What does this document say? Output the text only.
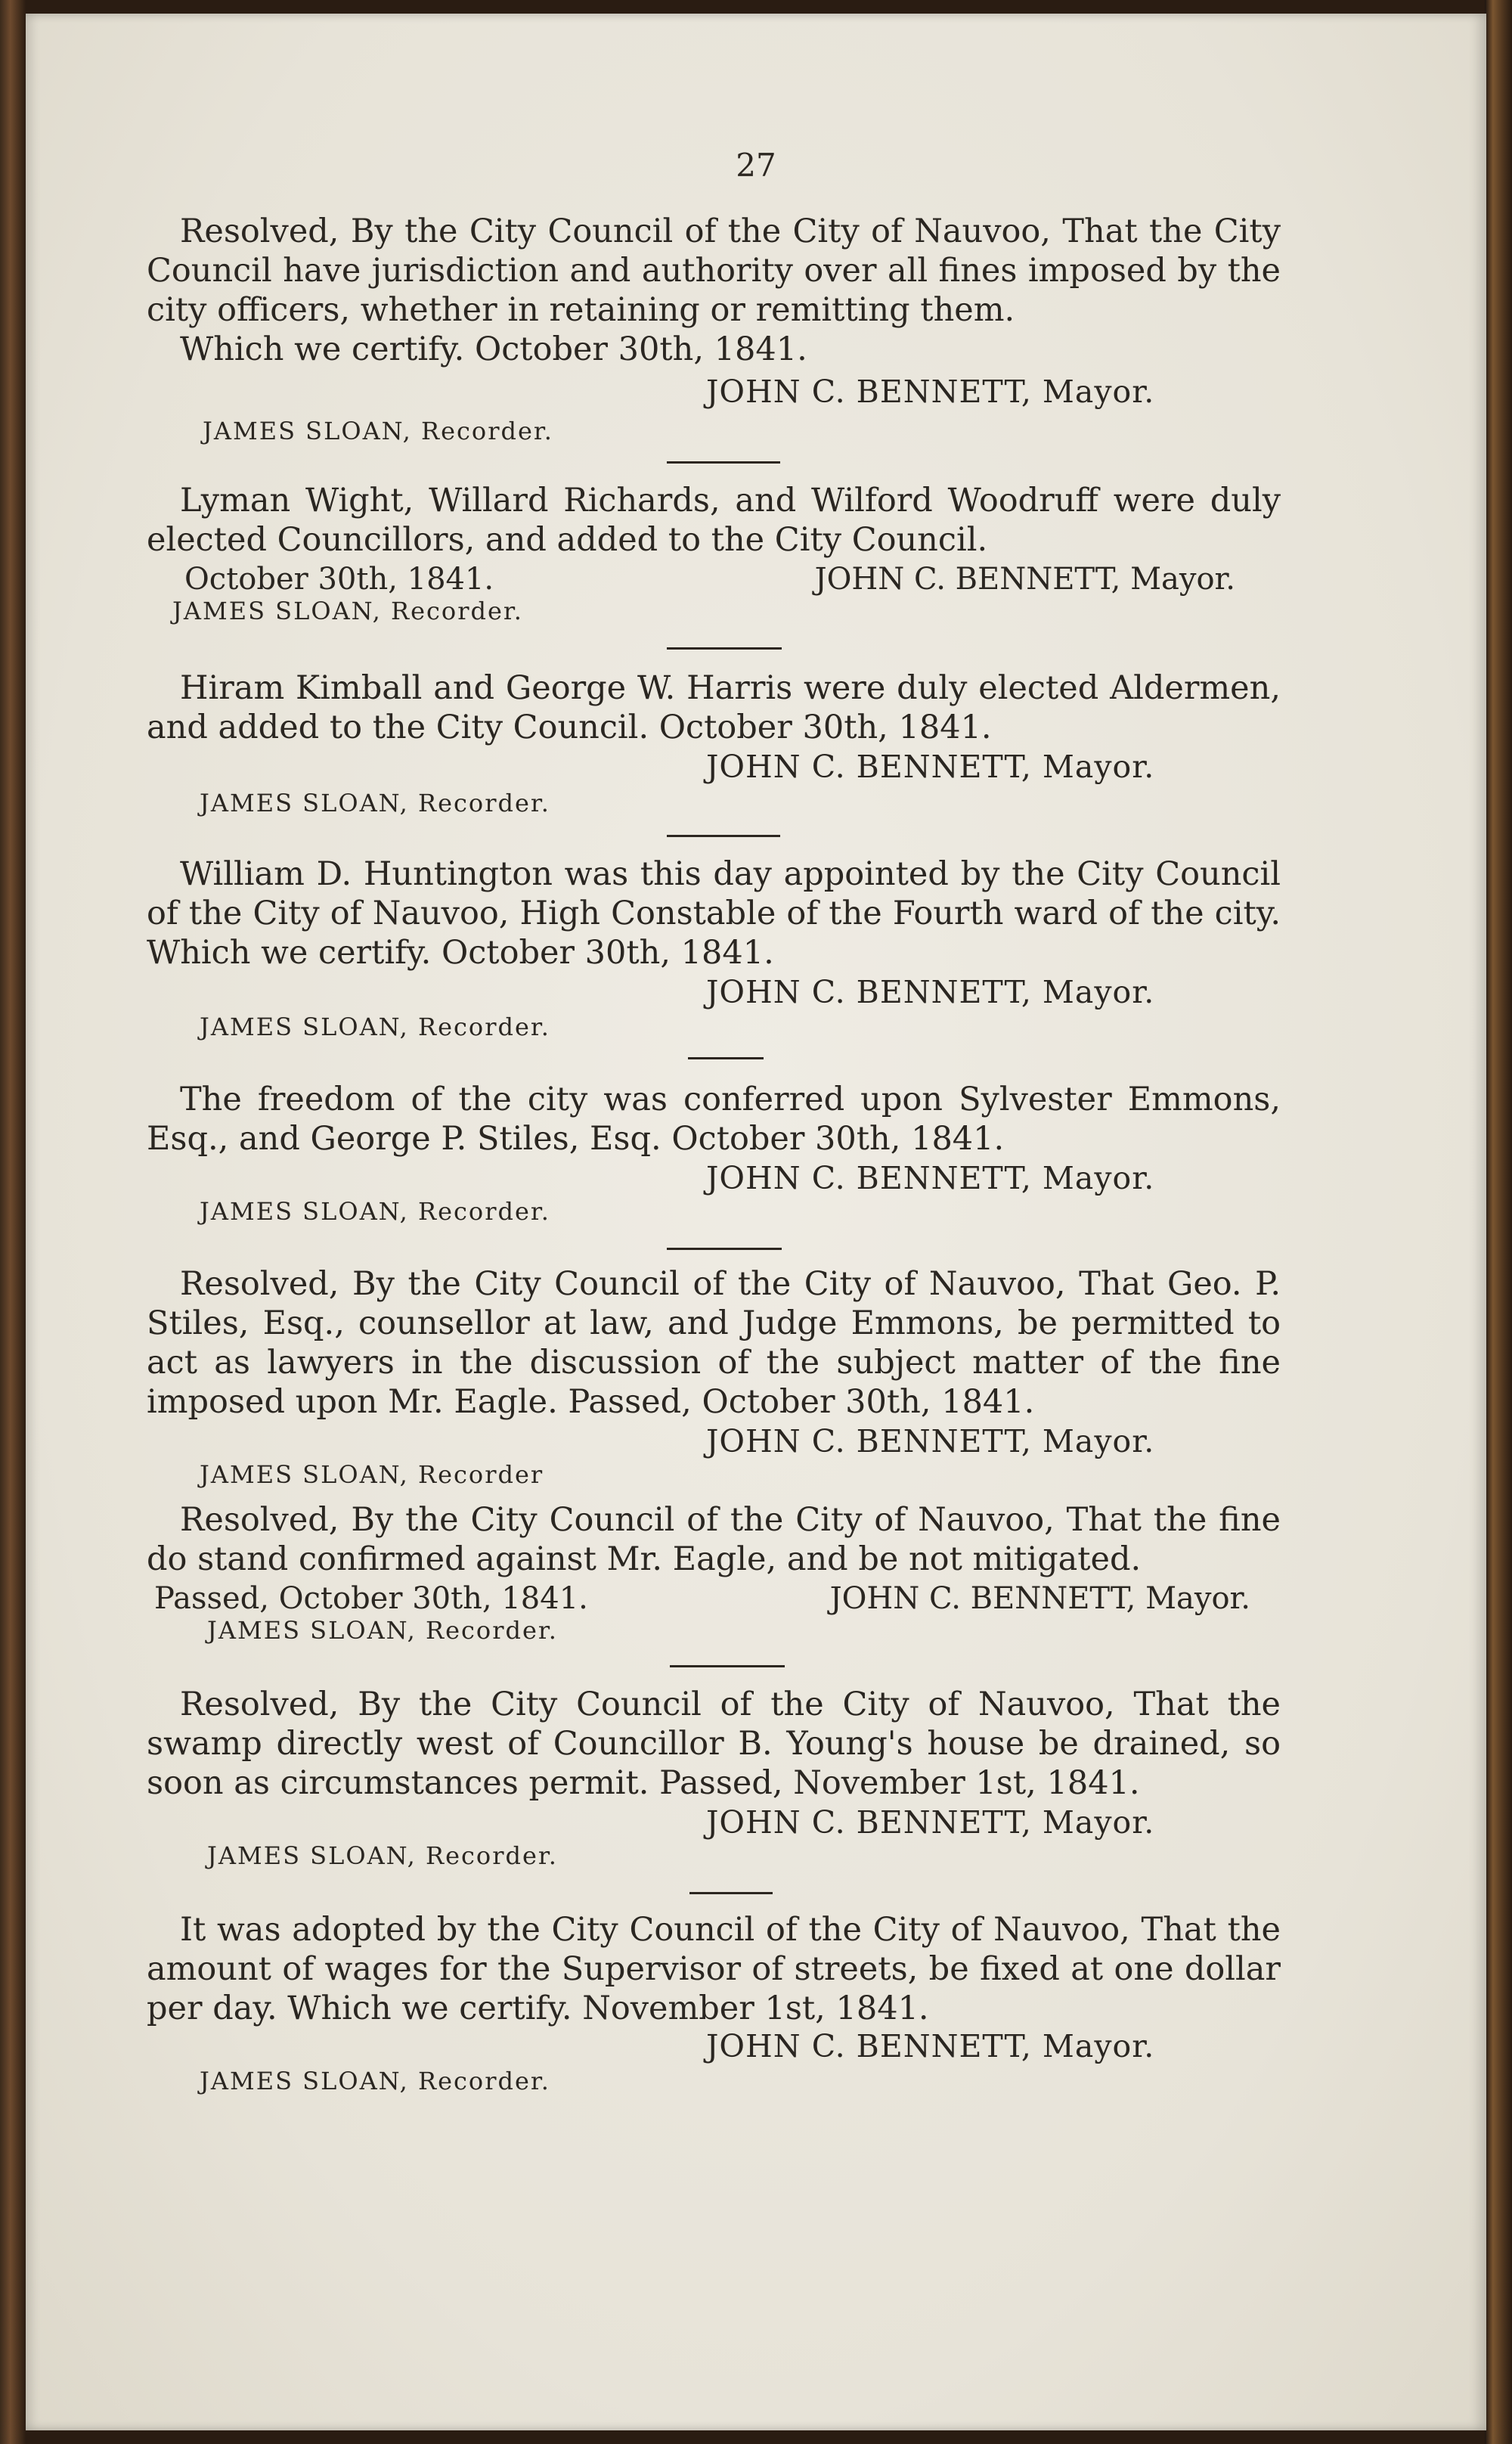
27
Resolved, By the City Council of the City of Nauvoo, That the City Council have jurisdiction and authority over all fines imposed by the city officers, whether in retaining or remitting them.
Which we certify. October 30th, 1841.
JOHN C. BENNETT, Mayor.
JAMES SLOAN, Recorder.
Lyman Wight, Willard Richards, and Wilford Woodruff were duly elected Councillors, and added to the City Council.
October 30th, 1841.	JOHN C. BENNETT, Mayor.
JAMES SLOAN, Recorder.
Hiram Kimball and George W. Harris were duly elected Aldermen, and added to the City Council. October 30th, 1841.
JOHN C. BENNETT, Mayor.
JAMES SLOAN, Recorder.
William D. Huntington was this day appointed by the City Council of the City of Nauvoo, High Constable of the Fourth ward of the city. Which we certify. October 30th, 1841.
JOHN C. BENNETT, Mayor.
JAMES SLOAN, Recorder.
The freedom of the city was conferred upon Sylvester Emmons, Esq., and George P. Stiles, Esq. October 30th, 1841.
JOHN C. BENNETT, Mayor.
JAMES SLOAN, Recorder.
Resolved, By the City Council of the City of Nauvoo, That Geo. P. Stiles, Esq., counsellor at law, and Judge Emmons, be permitted to act as lawyers in the discussion of the subject matter of the fine imposed upon Mr. Eagle. Passed, October 30th, 1841.
JOHN C. BENNETT, Mayor.
JAMES SLOAN, Recorder
Resolved, By the City Council of the City of Nauvoo, That the fine do stand confirmed against Mr. Eagle, and be not mitigated.
Passed, October 30th, 1841.	JOHN C. BENNETT, Mayor.
JAMES SLOAN, Recorder.
Resolved, By the City Council of the City of Nauvoo, That the swamp directly west of Councillor B. Young's house be drained, so soon as circumstances permit. Passed, November 1st, 1841.
JOHN C. BENNETT, Mayor.
JAMES SLOAN, Recorder.
It was adopted by the City Council of the City of Nauvoo, That the amount of wages for the Supervisor of streets, be fixed at one dollar per day. Which we certify. November 1st, 1841.
JOHN C. BENNETT, Mayor.
JAMES SLOAN, Recorder.
